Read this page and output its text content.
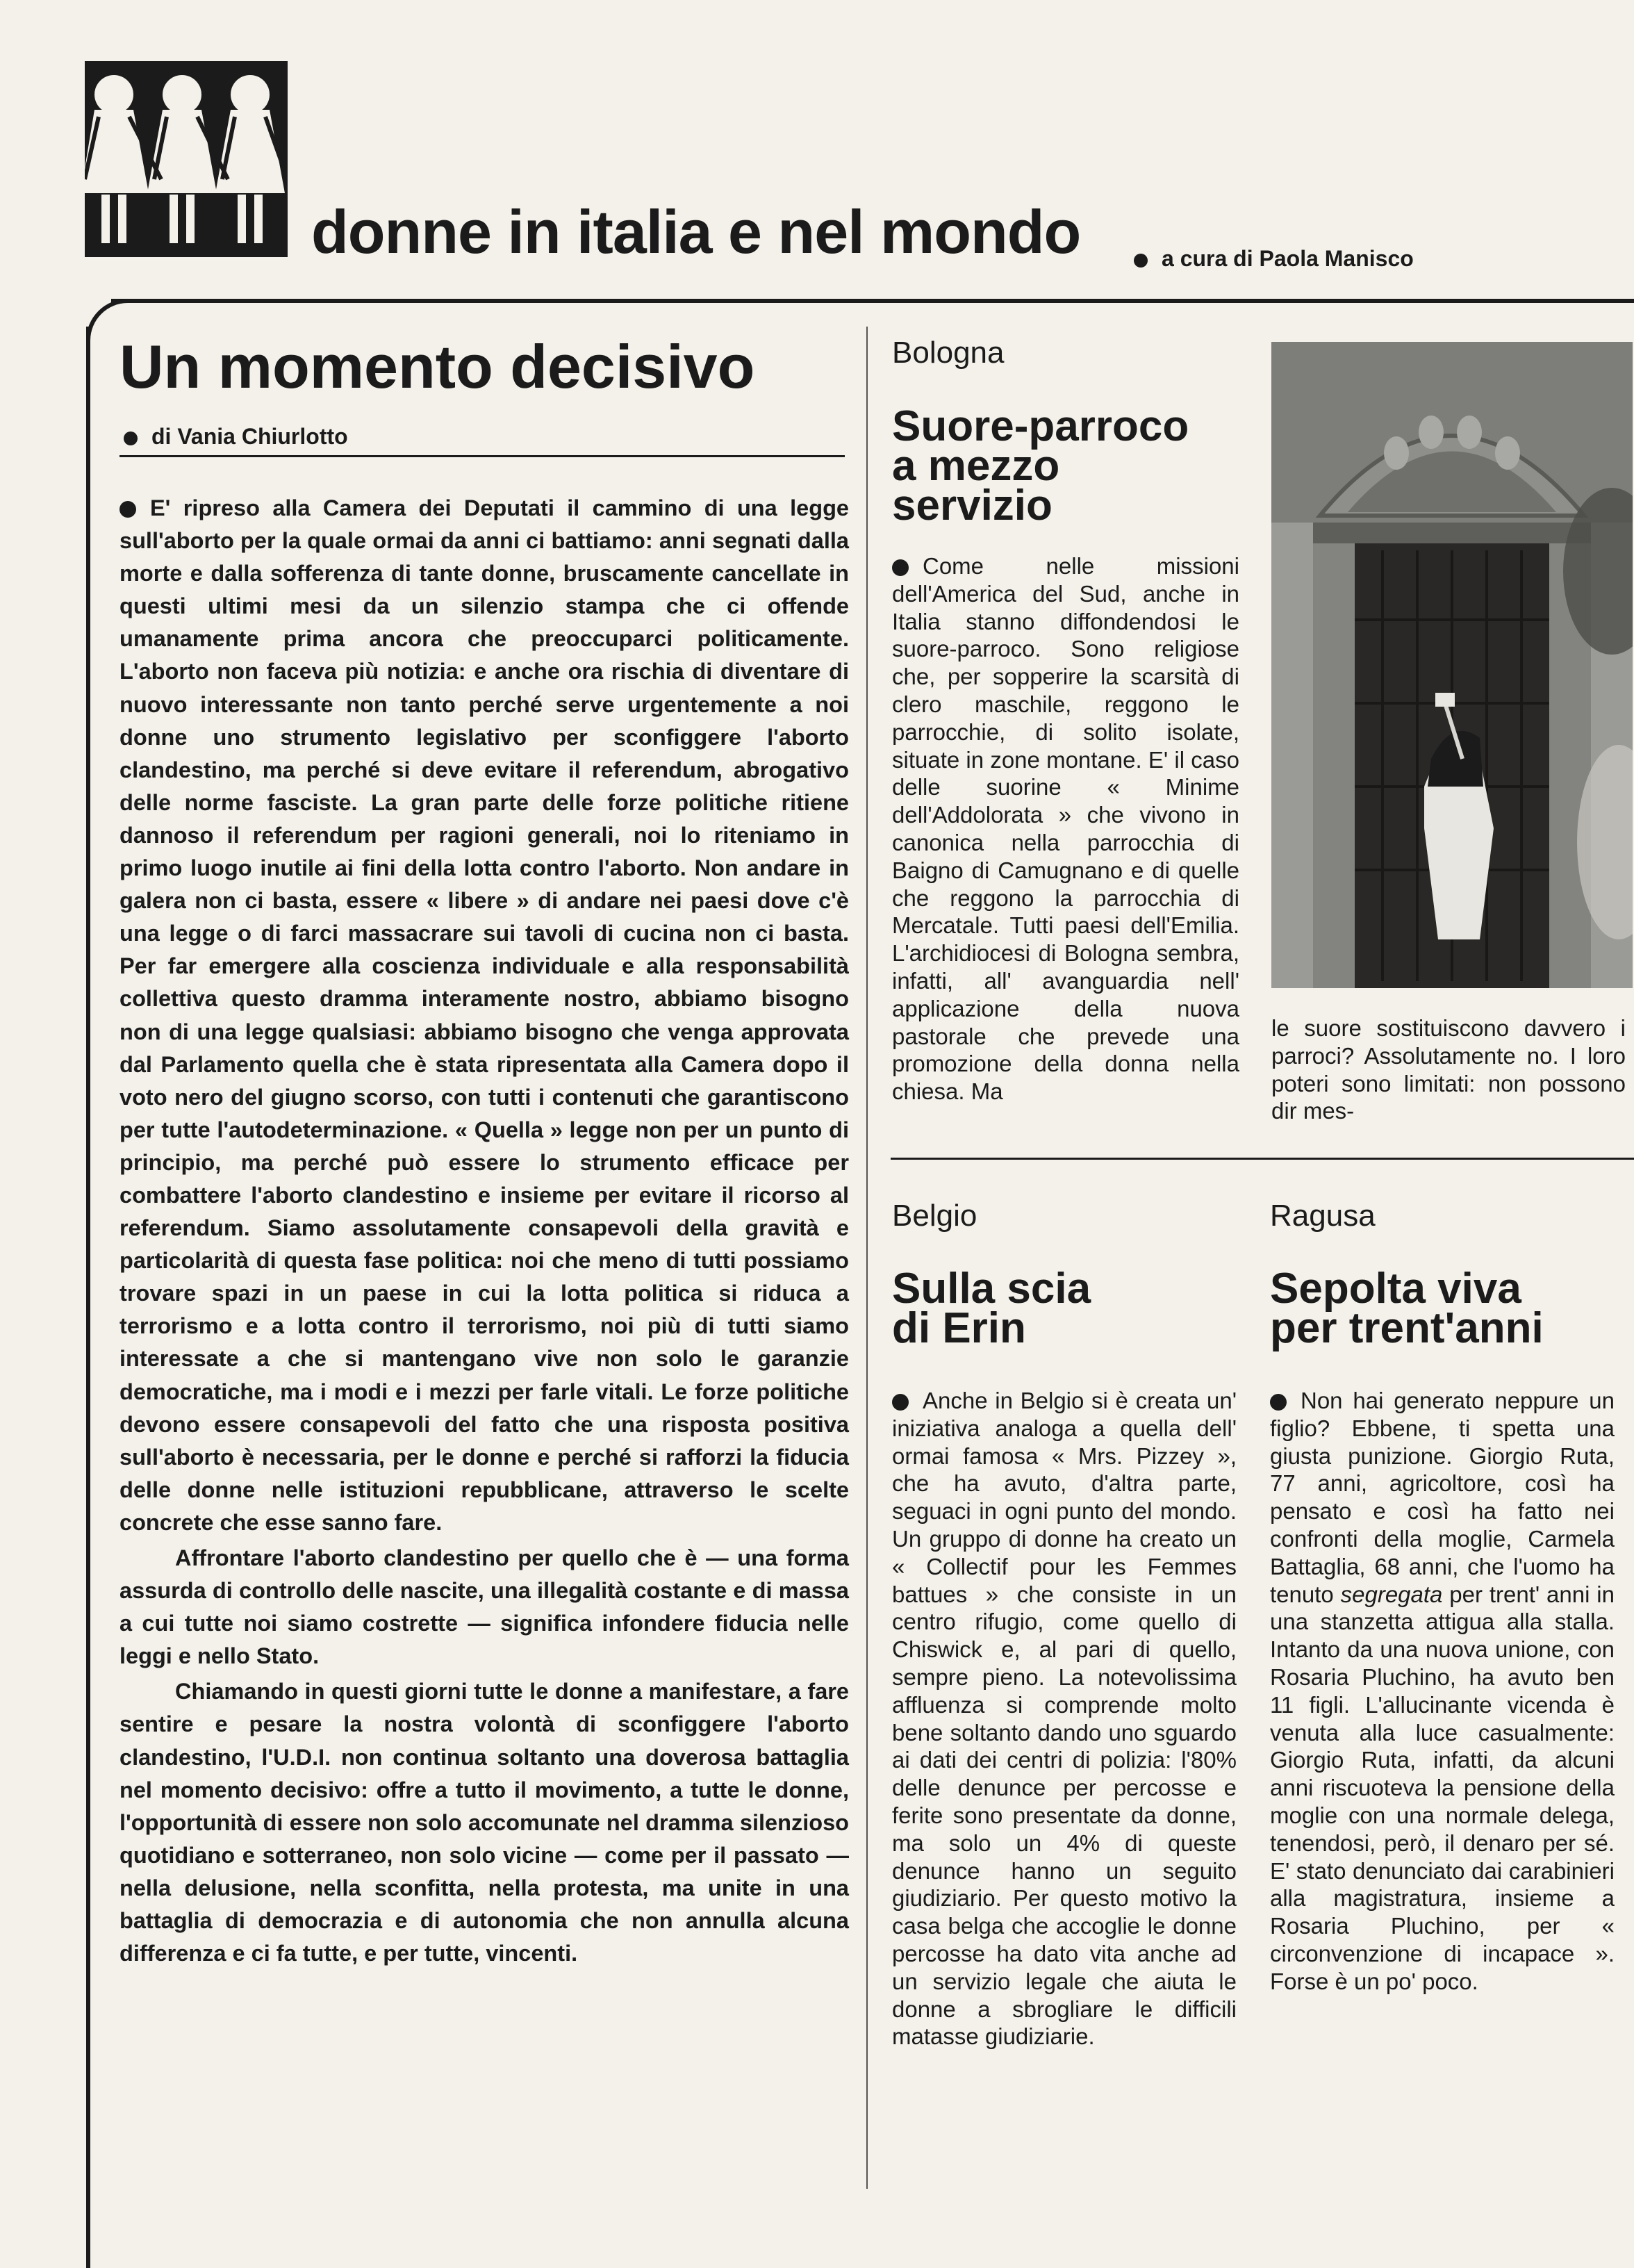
donne in italia e nel mondo	a cura di Paola Manisco
Un momento decisivo
di Vania Chiurlotto

E' ripreso alla Camera dei Deputati il cammino di una legge sull'aborto per la quale ormai da anni ci battiamo: anni segnati dalla morte e dalla sofferenza di tante donne, bruscamente cancellate in questi ultimi mesi da un silenzio stampa che ci offende umanamente prima ancora che preoccuparci politicamente. L'aborto non faceva più notizia: e anche ora rischia di diventare di nuovo interessante non tanto perché serve urgentemente a noi donne uno strumento legislativo per sconfiggere l'aborto clandestino, ma perché si deve evitare il referendum, abrogativo delle norme fasciste. La gran parte delle forze politiche ritiene dannoso il referendum per ragioni generali, noi lo riteniamo in primo luogo inutile ai fini della lotta contro l'aborto. Non andare in galera non ci basta, essere « libere » di andare nei paesi dove c'è una legge o di farci massacrare sui tavoli di cucina non ci basta. Per far emergere alla coscienza individuale e alla responsabilità collettiva questo dramma interamente nostro, abbiamo bisogno non di una legge qualsiasi: abbiamo bisogno che venga approvata dal Parlamento quella che è stata ripresentata alla Camera dopo il voto nero del giugno scorso, con tutti i contenuti che garantiscono per tutte l'autodeterminazione. « Quella » legge non per un punto di principio, ma perché può essere lo strumento efficace per combattere l'aborto clandestino e insieme per evitare il ricorso al referendum. Siamo assolutamente consapevoli della gravità e particolarità di questa fase politica: noi che meno di tutti possiamo trovare spazi in un paese in cui la lotta politica si riduca a terrorismo e a lotta contro il terrorismo, noi più di tutti siamo interessate a che si mantengano vive non solo le garanzie democratiche, ma i modi e i mezzi per farle vitali. Le forze politiche devono essere consapevoli del fatto che una risposta positiva sull'aborto è necessaria, per le donne e perché si rafforzi la fiducia delle donne nelle istituzioni repubblicane, attraverso le scelte concrete che esse sanno fare.

Affrontare l'aborto clandestino per quello che è — una forma assurda di controllo delle nascite, una illegalità costante e di massa a cui tutte noi siamo costrette — significa infondere fiducia nelle leggi e nello Stato.

Chiamando in questi giorni tutte le donne a manifestare, a fare sentire e pesare la nostra volontà di sconfiggere l'aborto clandestino, l'U.D.I. non continua soltanto una doverosa battaglia nel momento decisivo: offre a tutto il movimento, a tutte le donne, l'opportunità di essere non solo accomunate nel dramma silenzioso quotidiano e sotterraneo, non solo vicine — come per il passato — nella delusione, nella sconfitta, nella protesta, ma unite in una battaglia di democrazia e di autonomia che non annulla alcuna differenza e ci fa tutte, e per tutte, vincenti.

Bologna
Suore-parroco
a mezzo
servizio

Come nelle missioni dell'America del Sud, anche in Italia stanno diffondendosi le suore-parroco. Sono religiose che, per sopperire la scarsità di clero maschile, reggono le parrocchie, di solito isolate, situate in zone montane. E' il caso delle suorine « Minime dell'Addolorata » che vivono in canonica nella parrocchia di Baigno di Camugnano e di quelle che reggono la parrocchia di Mercatale. Tutti paesi dell'Emilia. L'archidiocesi di Bologna sembra, infatti, all' avanguardia nell' applicazione della nuova pastorale che prevede una promozione della donna nella chiesa. Ma

le suore sostituiscono davvero i parroci? Assolutamente no. I loro poteri sono limitati: non possono dir mes-

Belgio
Sulla scia
di Erin

Anche in Belgio si è creata un' iniziativa analoga a quella dell' ormai famosa « Mrs. Pizzey », che ha avuto, d'altra parte, seguaci in ogni punto del mondo. Un gruppo di donne ha creato un « Collectif pour les Femmes battues » che consiste in un centro rifugio, come quello di Chiswick e, al pari di quello, sempre pieno. La notevolissima affluenza si comprende molto bene soltanto dando uno sguardo ai dati dei centri di polizia: l'80% delle denunce per percosse e ferite sono presentate da donne, ma solo un 4% di queste denunce hanno un seguito giudiziario. Per questo motivo la casa belga che accoglie le donne percosse ha dato vita anche ad un servizio legale che aiuta le donne a sbrogliare le difficili matasse giudiziarie.

Ragusa
Sepolta viva
per trent'anni

Non hai generato neppure un figlio? Ebbene, ti spetta una giusta punizione. Giorgio Ruta, 77 anni, agricoltore, così ha pensato e così ha fatto nei confronti della moglie, Carmela Battaglia, 68 anni, che l'uomo ha tenuto segregata per trent' anni in una stanzetta attigua alla stalla. Intanto da una nuova unione, con Rosaria Pluchino, ha avuto ben 11 figli. L'allucinante vicenda è venuta alla luce casualmente: Giorgio Ruta, infatti, da alcuni anni riscuoteva la pensione della moglie con una normale delega, tenendosi, però, il denaro per sé. E' stato denunciato dai carabinieri alla magistratura, insieme a Rosaria Pluchino, per « circonvenzione di incapace ». Forse è un po' poco.
